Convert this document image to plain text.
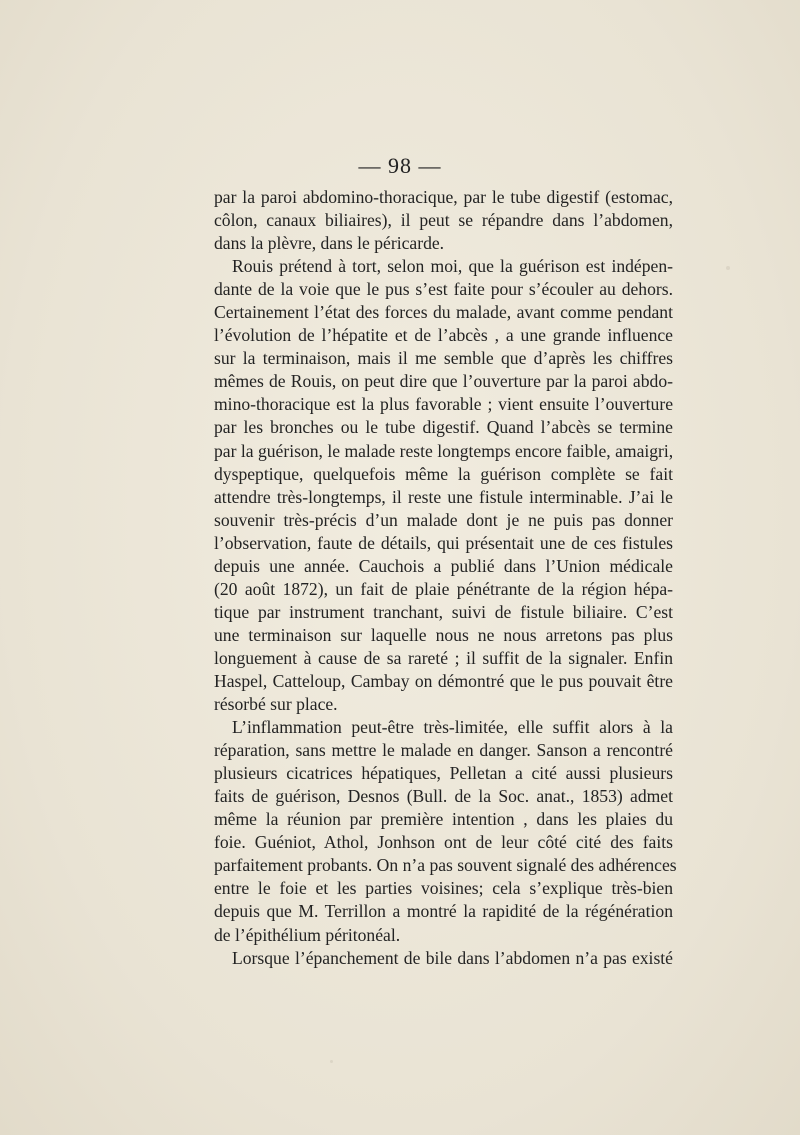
— 98 —
par la paroi abdomino-thoracique, par le tube digestif (estomac,
côlon, canaux biliaires), il peut se répandre dans l’abdomen,
dans la plèvre, dans le péricarde.
Rouis prétend à tort, selon moi, que la guérison est indépen-
dante de la voie que le pus s’est faite pour s’écouler au dehors.
Certainement l’état des forces du malade, avant comme pendant
l’évolution de l’hépatite et de l’abcès , a une grande influence
sur la terminaison, mais il me semble que d’après les chiffres
mêmes de Rouis, on peut dire que l’ouverture par la paroi abdo-
mino-thoracique est la plus favorable ; vient ensuite l’ouverture
par les bronches ou le tube digestif. Quand l’abcès se termine
par la guérison, le malade reste longtemps encore faible, amaigri,
dyspeptique, quelquefois même la guérison complète se fait
attendre très-longtemps, il reste une fistule interminable. J’ai le
souvenir très-précis d’un malade dont je ne puis pas donner
l’observation, faute de détails, qui présentait une de ces fistules
depuis une année. Cauchois a publié dans l’Union médicale
(20 août 1872), un fait de plaie pénétrante de la région hépa-
tique par instrument tranchant, suivi de fistule biliaire. C’est
une terminaison sur laquelle nous ne nous arretons pas plus
longuement à cause de sa rareté ; il suffit de la signaler. Enfin
Haspel, Catteloup, Cambay on démontré que le pus pouvait être
résorbé sur place.
L’inflammation peut-être très-limitée, elle suffit alors à la
réparation, sans mettre le malade en danger. Sanson a rencontré
plusieurs cicatrices hépatiques, Pelletan a cité aussi plusieurs
faits de guérison, Desnos (Bull. de la Soc. anat., 1853) admet
même la réunion par première intention , dans les plaies du
foie. Guéniot, Athol, Jonhson ont de leur côté cité des faits
parfaitement probants. On n’a pas souvent signalé des adhérences
entre le foie et les parties voisines; cela s’explique très-bien
depuis que M. Terrillon a montré la rapidité de la régénération
de l’épithélium péritonéal.
Lorsque l’épanchement de bile dans l’abdomen n’a pas existé
